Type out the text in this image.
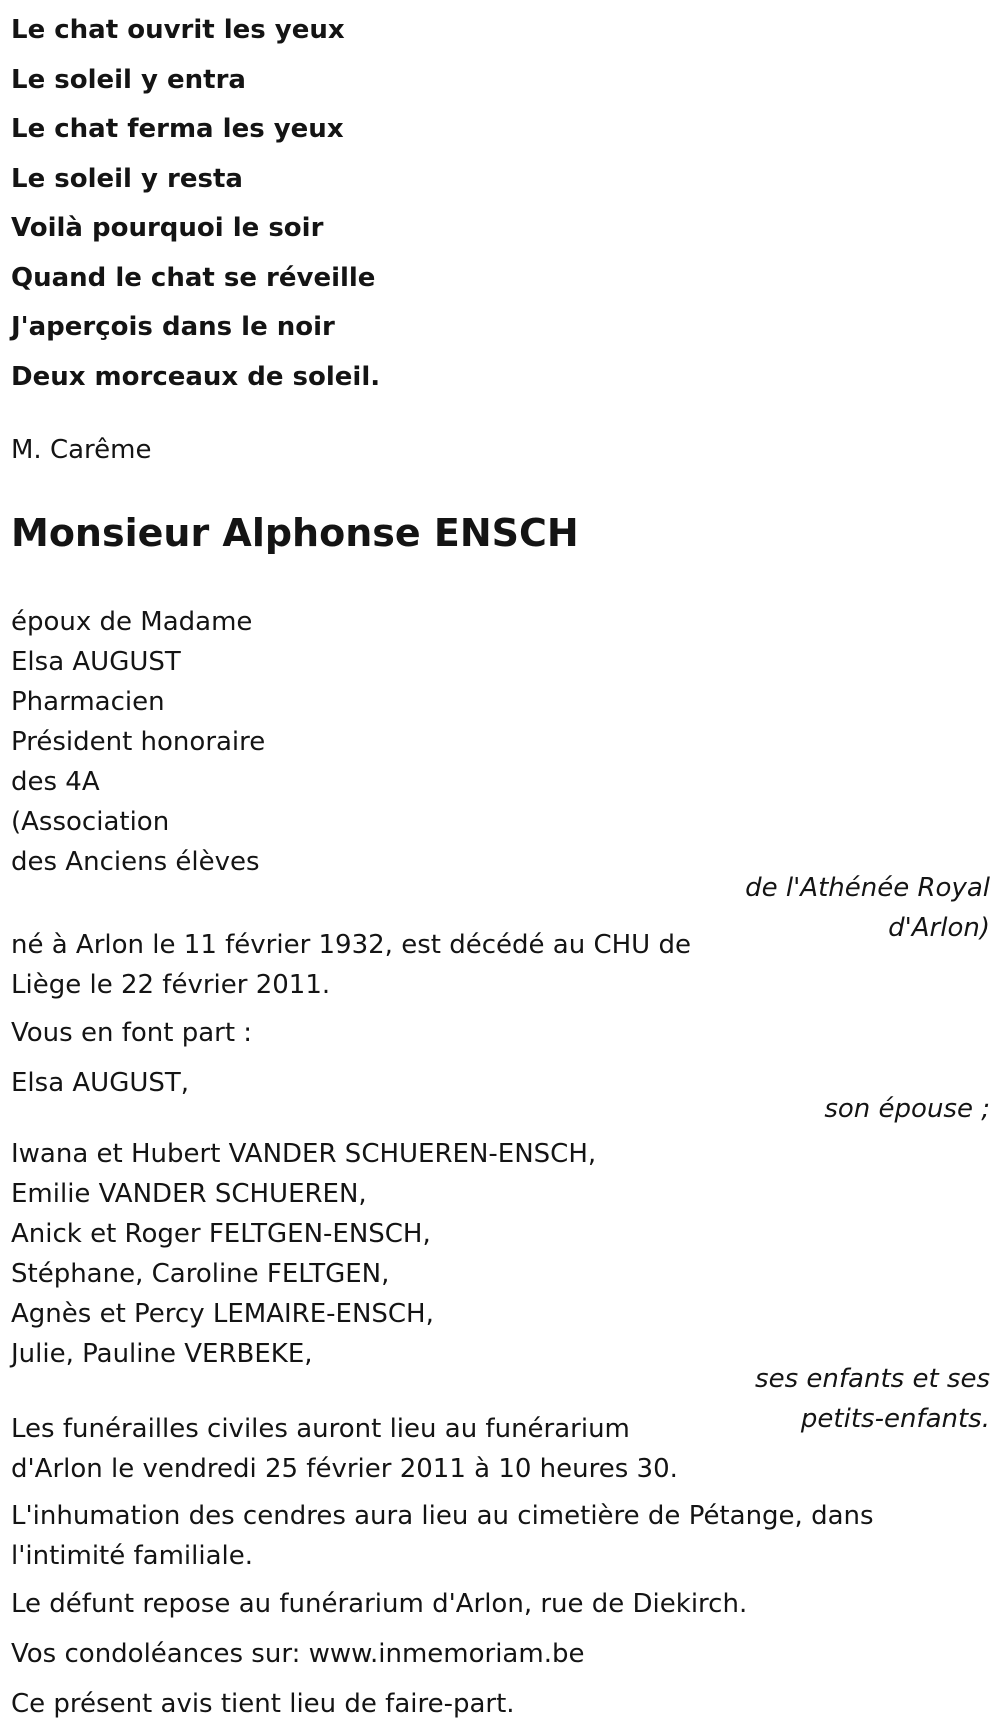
Le chat ouvrit les yeux
Le soleil y entra
Le chat ferma les yeux
Le soleil y resta
Voilà pourquoi le soir
Quand le chat se réveille
J'aperçois dans le noir
Deux morceaux de soleil.
M. Carême
Monsieur Alphonse ENSCH
époux de Madame
Elsa AUGUST
Pharmacien
Président honoraire
des 4A
(Association
des Anciens élèves
de l'Athénée Royal
d'Arlon)
né à Arlon le 11 février 1932, est décédé au CHU de
Liège le 22 février 2011.
Vous en font part :
Elsa AUGUST,
son épouse ;
Iwana et Hubert VANDER SCHUEREN-ENSCH,
Emilie VANDER SCHUEREN,
Anick et Roger FELTGEN-ENSCH,
Stéphane, Caroline FELTGEN,
Agnès et Percy LEMAIRE-ENSCH,
Julie, Pauline VERBEKE,
ses enfants et ses
petits-enfants.
Les funérailles civiles auront lieu au funérarium
d'Arlon le vendredi 25 février 2011 à 10 heures 30.
L'inhumation des cendres aura lieu au cimetière de Pétange, dans
l'intimité familiale.
Le défunt repose au funérarium d'Arlon, rue de Diekirch.
Vos condoléances sur: www.inmemoriam.be
Ce présent avis tient lieu de faire-part.
